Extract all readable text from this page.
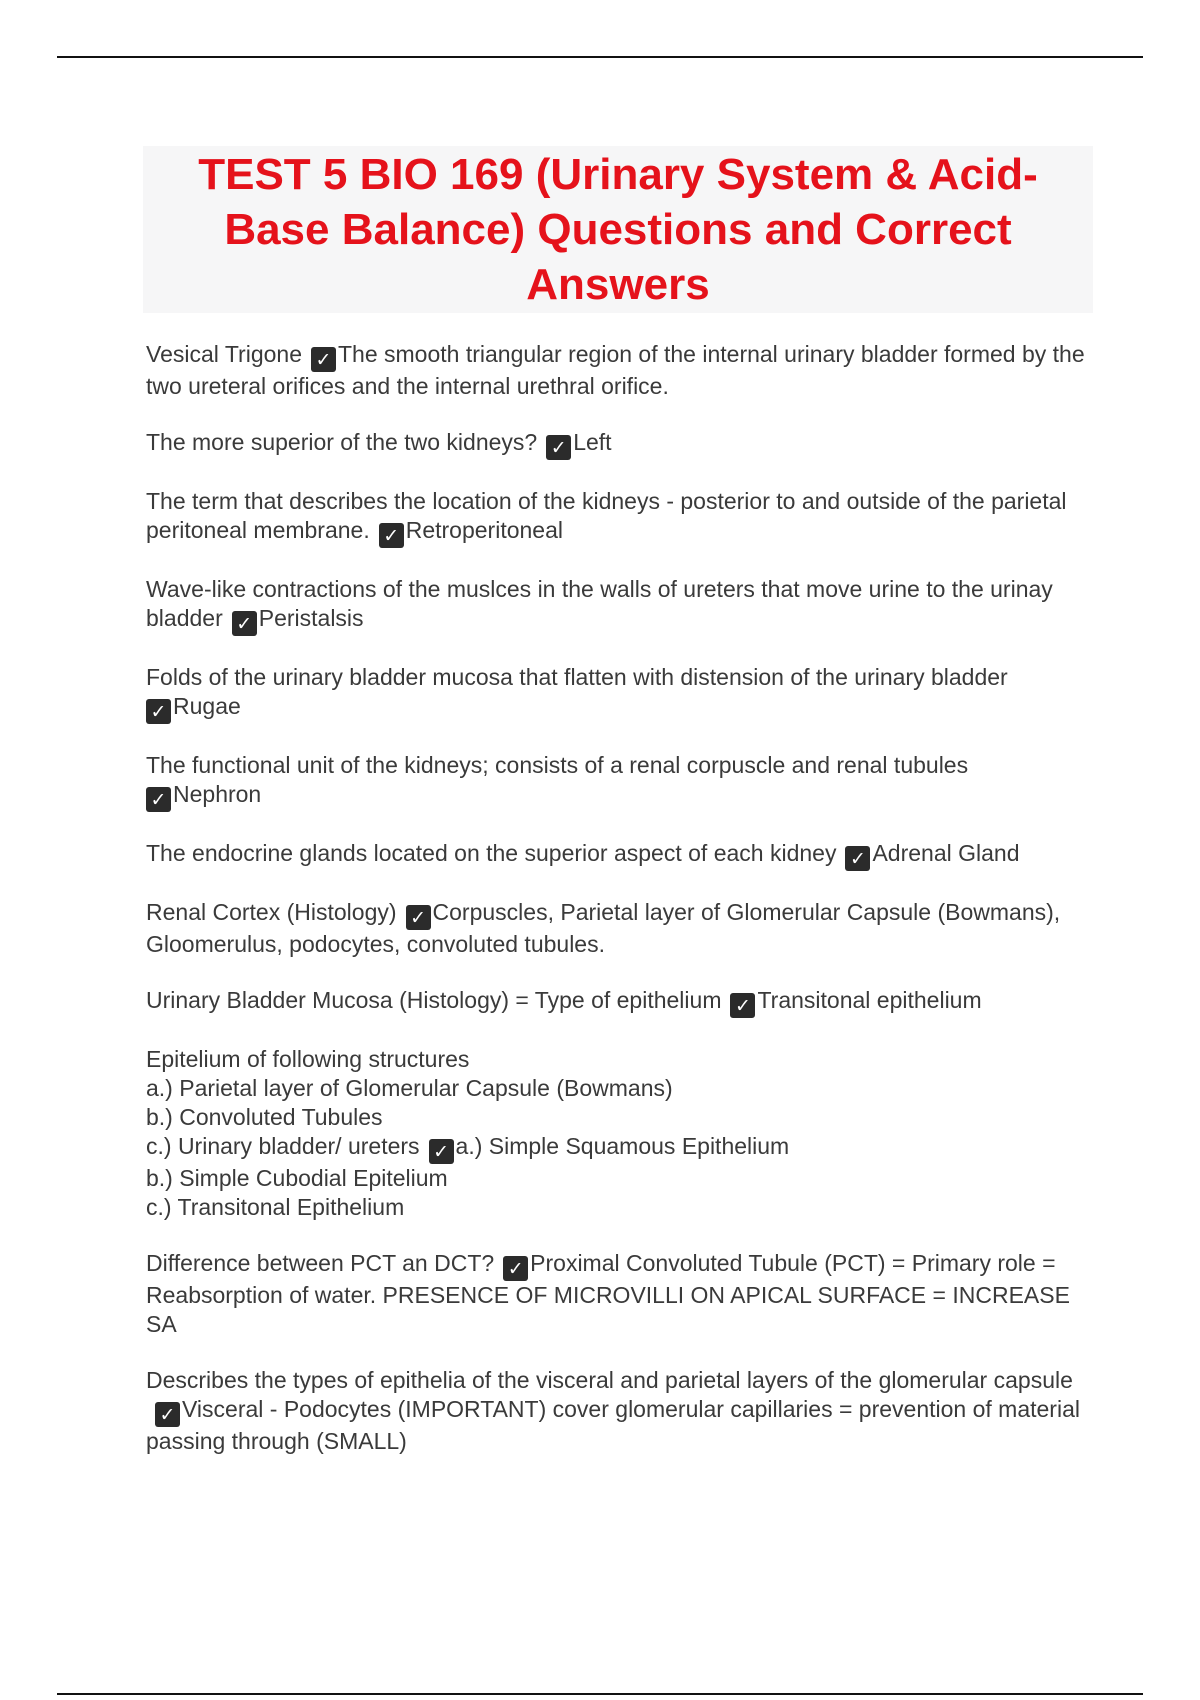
TEST 5 BIO 169 (Urinary System & Acid-Base Balance) Questions and Correct Answers

Vesical Trigone ✓ The smooth triangular region of the internal urinary bladder formed by the two ureteral orifices and the internal urethral orifice.

The more superior of the two kidneys? ✓ Left

The term that describes the location of the kidneys - posterior to and outside of the parietal peritoneal membrane. ✓ Retroperitoneal

Wave-like contractions of the muslces in the walls of ureters that move urine to the urinay bladder ✓ Peristalsis

Folds of the urinary bladder mucosa that flatten with distension of the urinary bladder
✓ Rugae

The functional unit of the kidneys; consists of a renal corpuscle and renal tubules
✓ Nephron

The endocrine glands located on the superior aspect of each kidney ✓ Adrenal Gland

Renal Cortex (Histology) ✓ Corpuscles, Parietal layer of Glomerular Capsule (Bowmans), Gloomerulus, podocytes, convoluted tubules.

Urinary Bladder Mucosa (Histology) = Type of epithelium ✓ Transitonal epithelium

Epitelium of following structures
a.) Parietal layer of Glomerular Capsule (Bowmans)
b.) Convoluted Tubules
c.) Urinary bladder/ ureters ✓ a.) Simple Squamous Epithelium
b.) Simple Cubodial Epitelium
c.) Transitonal Epithelium

Difference between PCT an DCT? ✓ Proximal Convoluted Tubule (PCT) = Primary role = Reabsorption of water. PRESENCE OF MICROVILLI ON APICAL SURFACE = INCREASE SA

Describes the types of epithelia of the visceral and parietal layers of the glomerular capsule✓ Visceral - Podocytes (IMPORTANT) cover glomerular capillaries = prevention of material passing through (SMALL)
